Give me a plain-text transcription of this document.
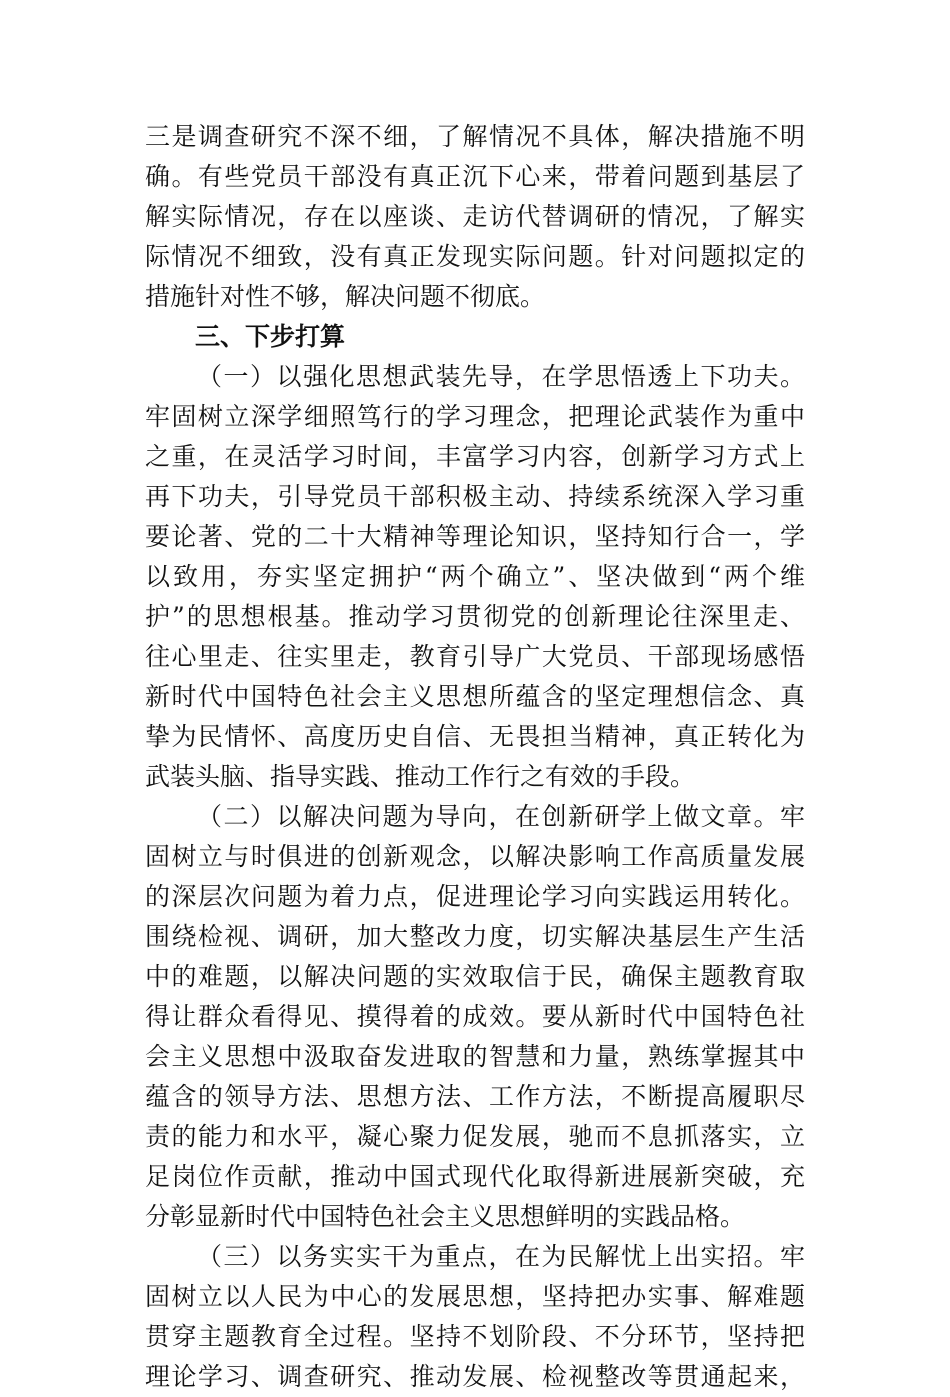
三是调查研究不深不细，了解情况不具体，解决措施不明
确。有些党员干部没有真正沉下心来，带着问题到基层了
解实际情况，存在以座谈、走访代替调研的情况，了解实
际情况不细致，没有真正发现实际问题。针对问题拟定的
措施针对性不够，解决问题不彻底。
三、下步打算
（一）以强化思想武装先导，在学思悟透上下功夫。
牢固树立深学细照笃行的学习理念，把理论武装作为重中
之重，在灵活学习时间，丰富学习内容，创新学习方式上
再下功夫，引导党员干部积极主动、持续系统深入学习重
要论著、党的二十大精神等理论知识，坚持知行合一，学
以致用，夯实坚定拥护“两个确立”、坚决做到“两个维
护”的思想根基。推动学习贯彻党的创新理论往深里走、
往心里走、往实里走，教育引导广大党员、干部现场感悟
新时代中国特色社会主义思想所蕴含的坚定理想信念、真
挚为民情怀、高度历史自信、无畏担当精神，真正转化为
武装头脑、指导实践、推动工作行之有效的手段。
（二）以解决问题为导向，在创新研学上做文章。牢
固树立与时俱进的创新观念，以解决影响工作高质量发展
的深层次问题为着力点，促进理论学习向实践运用转化。
围绕检视、调研，加大整改力度，切实解决基层生产生活
中的难题，以解决问题的实效取信于民，确保主题教育取
得让群众看得见、摸得着的成效。要从新时代中国特色社
会主义思想中汲取奋发进取的智慧和力量，熟练掌握其中
蕴含的领导方法、思想方法、工作方法，不断提高履职尽
责的能力和水平，凝心聚力促发展，驰而不息抓落实，立
足岗位作贡献，推动中国式现代化取得新进展新突破，充
分彰显新时代中国特色社会主义思想鲜明的实践品格。
（三）以务实实干为重点，在为民解忧上出实招。牢
固树立以人民为中心的发展思想，坚持把办实事、解难题
贯穿主题教育全过程。坚持不划阶段、不分环节，坚持把
理论学习、调查研究、推动发展、检视整改等贯通起来，
